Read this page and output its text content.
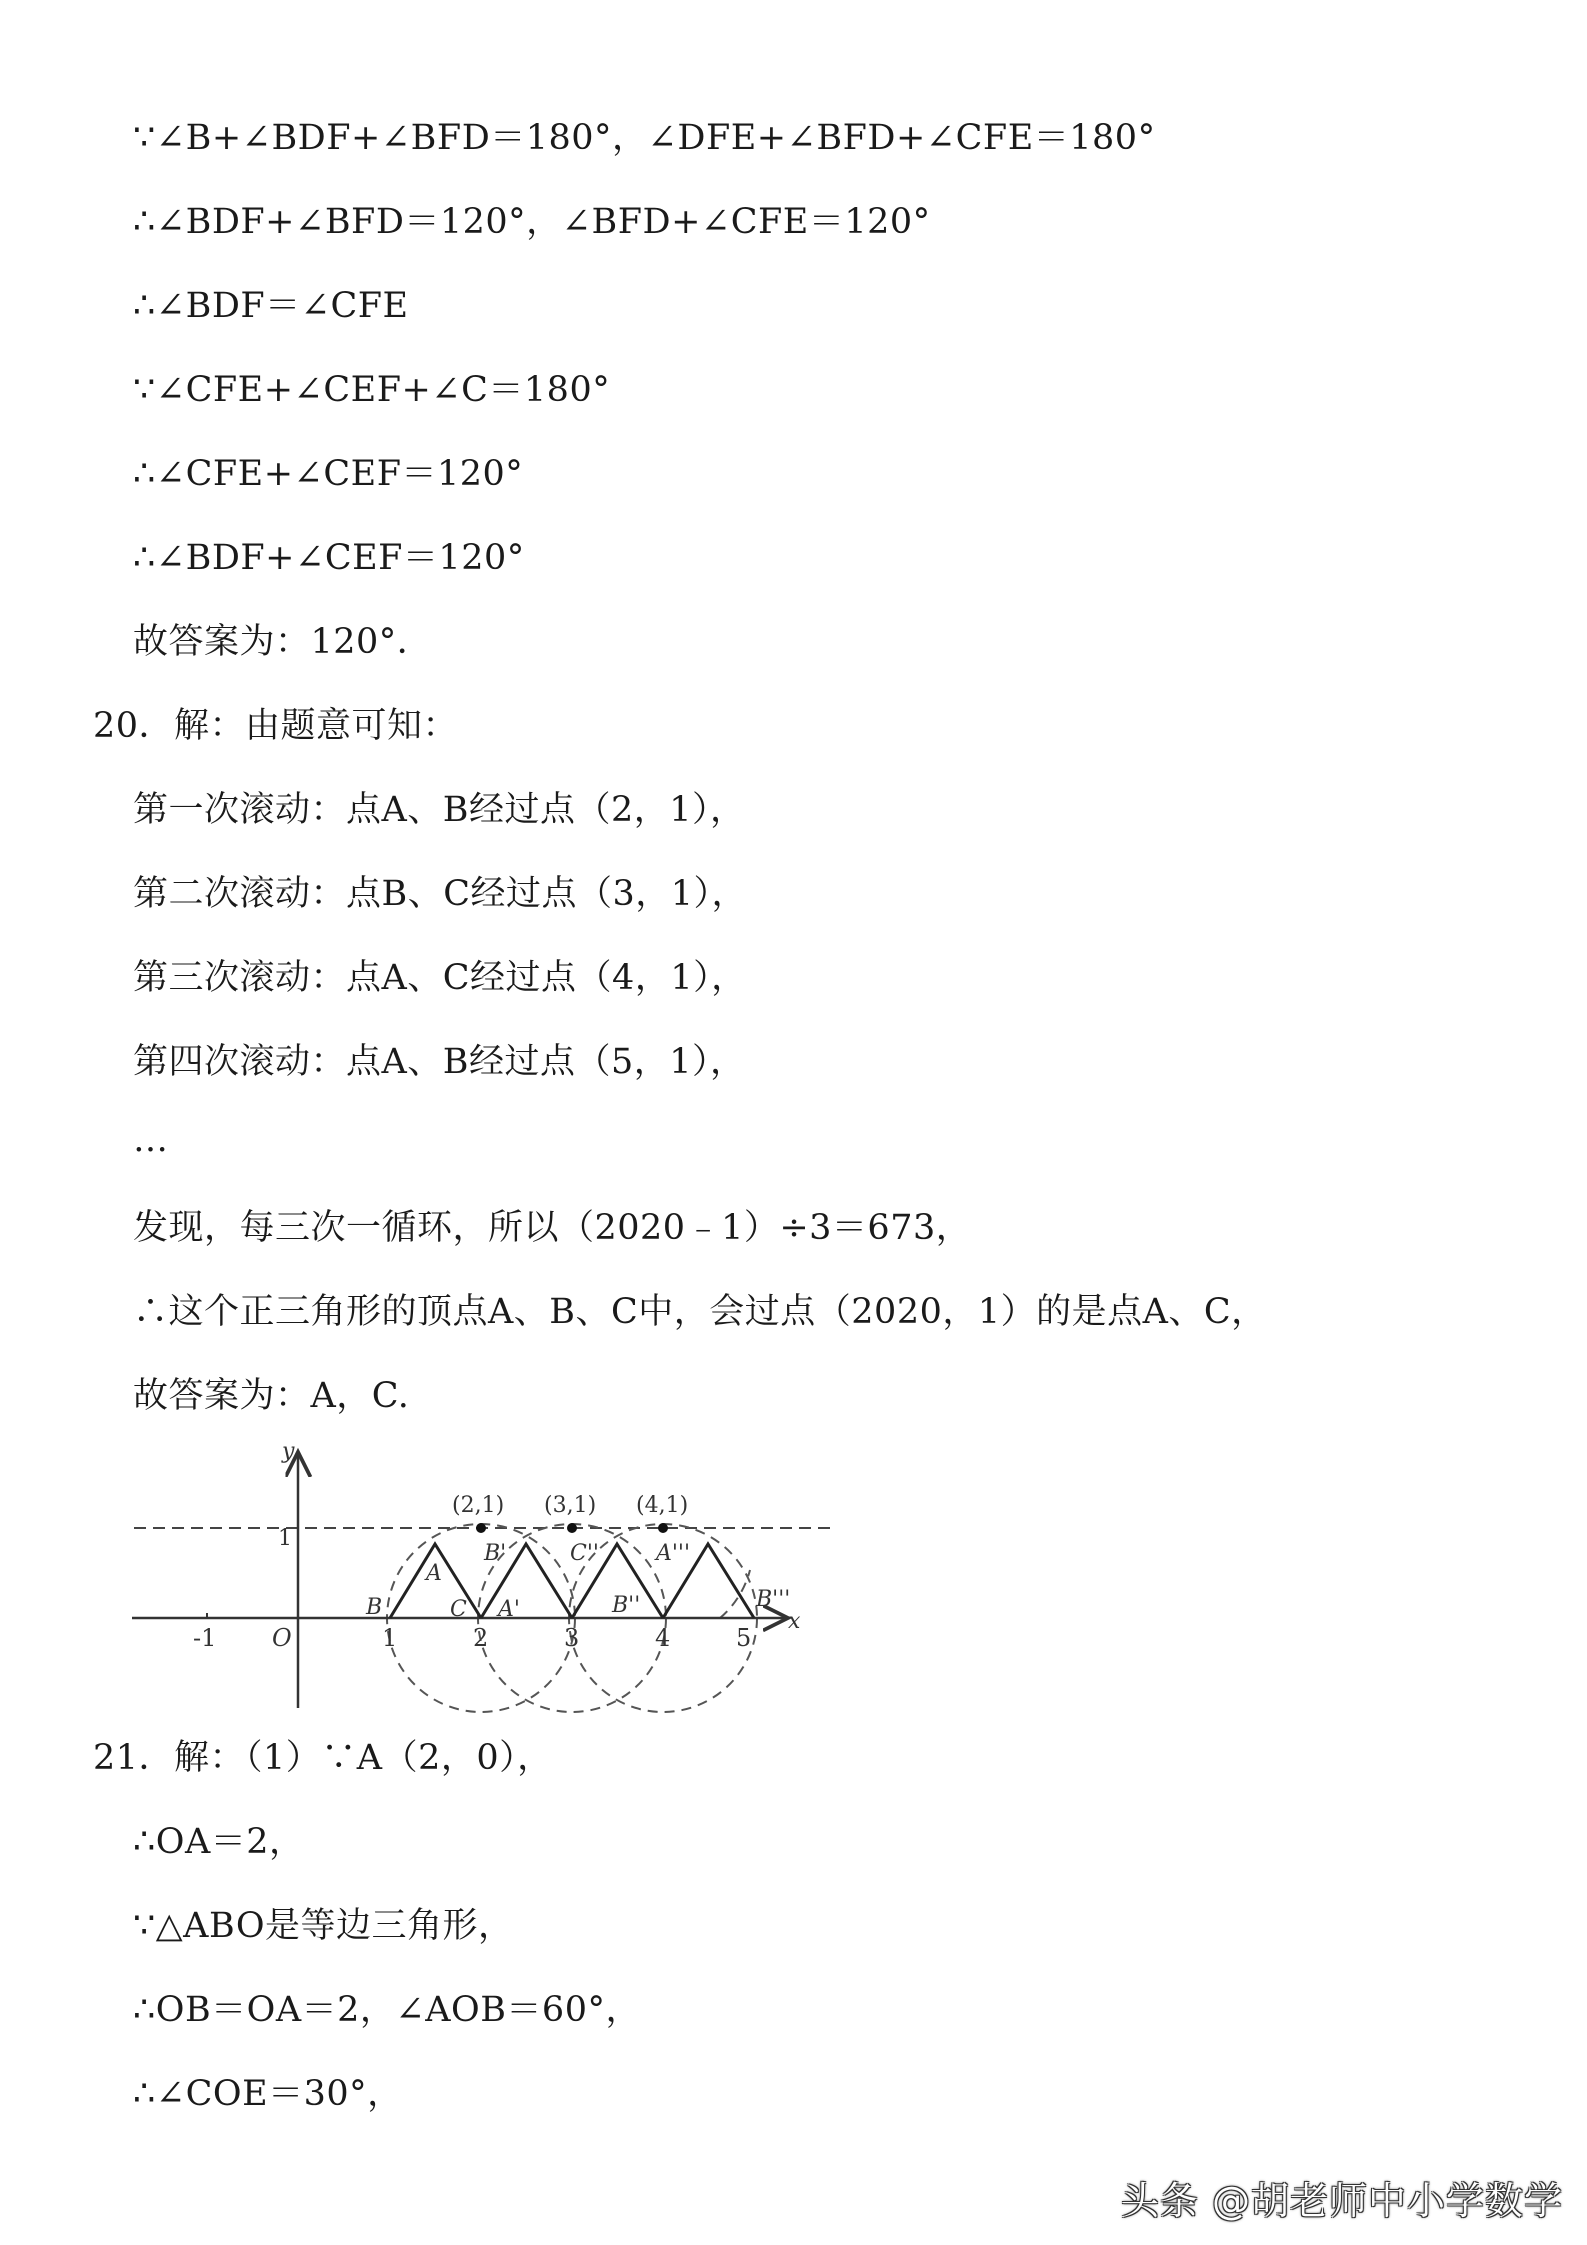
∵∠B+∠BDF+∠BFD＝180°，∠DFE+∠BFD+∠CFE＝180°
∴∠BDF+∠BFD＝120°，∠BFD+∠CFE＝120°
∴∠BDF＝∠CFE
∵∠CFE+∠CEF+∠C＝180°
∴∠CFE+∠CEF＝120°
∴∠BDF+∠CEF＝120°
故答案为：120°．
20．解：由题意可知：
第一次滚动：点A、B经过点（2，1），
第二次滚动：点B、C经过点（3，1），
第三次滚动：点A、C经过点（4，1），
第四次滚动：点A、B经过点（5，1），
…
发现，每三次一循环，所以（2020﹣1）÷3＝673，
∴这个正三角形的顶点A、B、C中，会过点（2020，1）的是点A、C，
故答案为：A，C.
y
x
O
-1	1	2	3	4	5
1
(2,1) (3,1) (4,1)
B
A
C A'
B'	C''
B''
A'''
B'''
21．解：（1）∵A（2，0），
∴OA＝2，
∵△ABO是等边三角形，
∴OB＝OA＝2，∠AOB＝60°，
∴∠COE＝30°，
头条 @胡老师中小学数学
